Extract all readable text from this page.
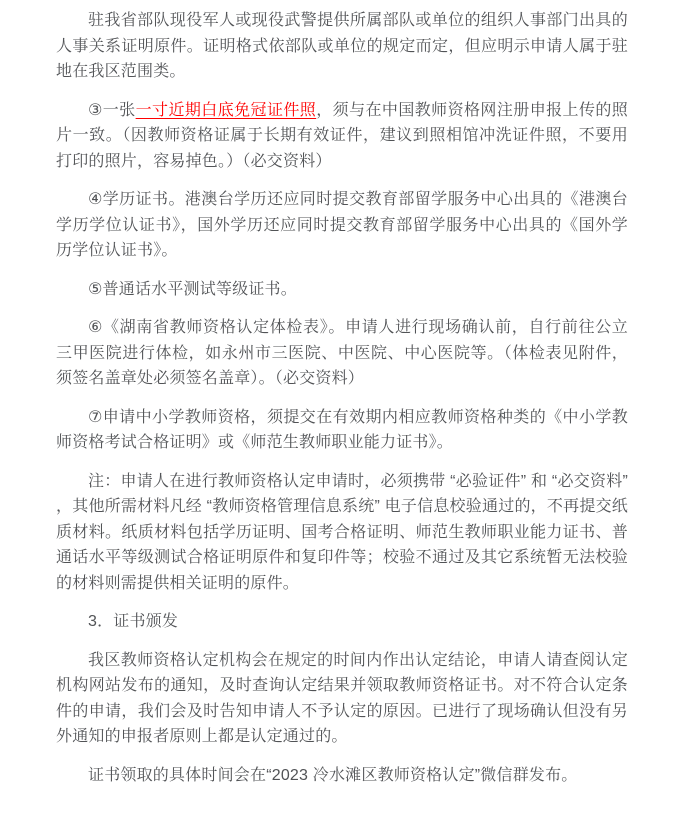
驻我省部队现役军人或现役武警提供所属部队或单位的组织人事部门出具的人事关系证明原件。证明格式依部队或单位的规定而定，但应明示申请人属于驻地在我区范围类。

③一张一寸近期白底免冠证件照，须与在中国教师资格网注册申报上传的照片一致。（因教师资格证属于长期有效证件，建议到照相馆冲洗证件照，不要用打印的照片，容易掉色。）（必交资料）

④学历证书。港澳台学历还应同时提交教育部留学服务中心出具的《港澳台学历学位认证书》，国外学历还应同时提交教育部留学服务中心出具的《国外学历学位认证书》。

⑤普通话水平测试等级证书。

⑥《湖南省教师资格认定体检表》。申请人进行现场确认前，自行前往公立三甲医院进行体检，如永州市三医院、中医院、中心医院等。（体检表见附件，须签名盖章处必须签名盖章）。（必交资料）

⑦申请中小学教师资格，须提交在有效期内相应教师资格种类的《中小学教师资格考试合格证明》或《师范生教师职业能力证书》。

注：申请人在进行教师资格认定申请时，必须携带 “必验证件” 和 “必交资料” ，其他所需材料凡经 “教师资格管理信息系统” 电子信息校验通过的，不再提交纸质材料。纸质材料包括学历证明、国考合格证明、师范生教师职业能力证书、普通话水平等级测试合格证明原件和复印件等；校验不通过及其它系统暂无法校验的材料则需提供相关证明的原件。

3．证书颁发

我区教师资格认定机构会在规定的时间内作出认定结论，申请人请查阅认定机构网站发布的通知，及时查询认定结果并领取教师资格证书。对不符合认定条件的申请，我们会及时告知申请人不予认定的原因。已进行了现场确认但没有另外通知的申报者原则上都是认定通过的。

证书领取的具体时间会在“2023 冷水滩区教师资格认定”微信群发布。
